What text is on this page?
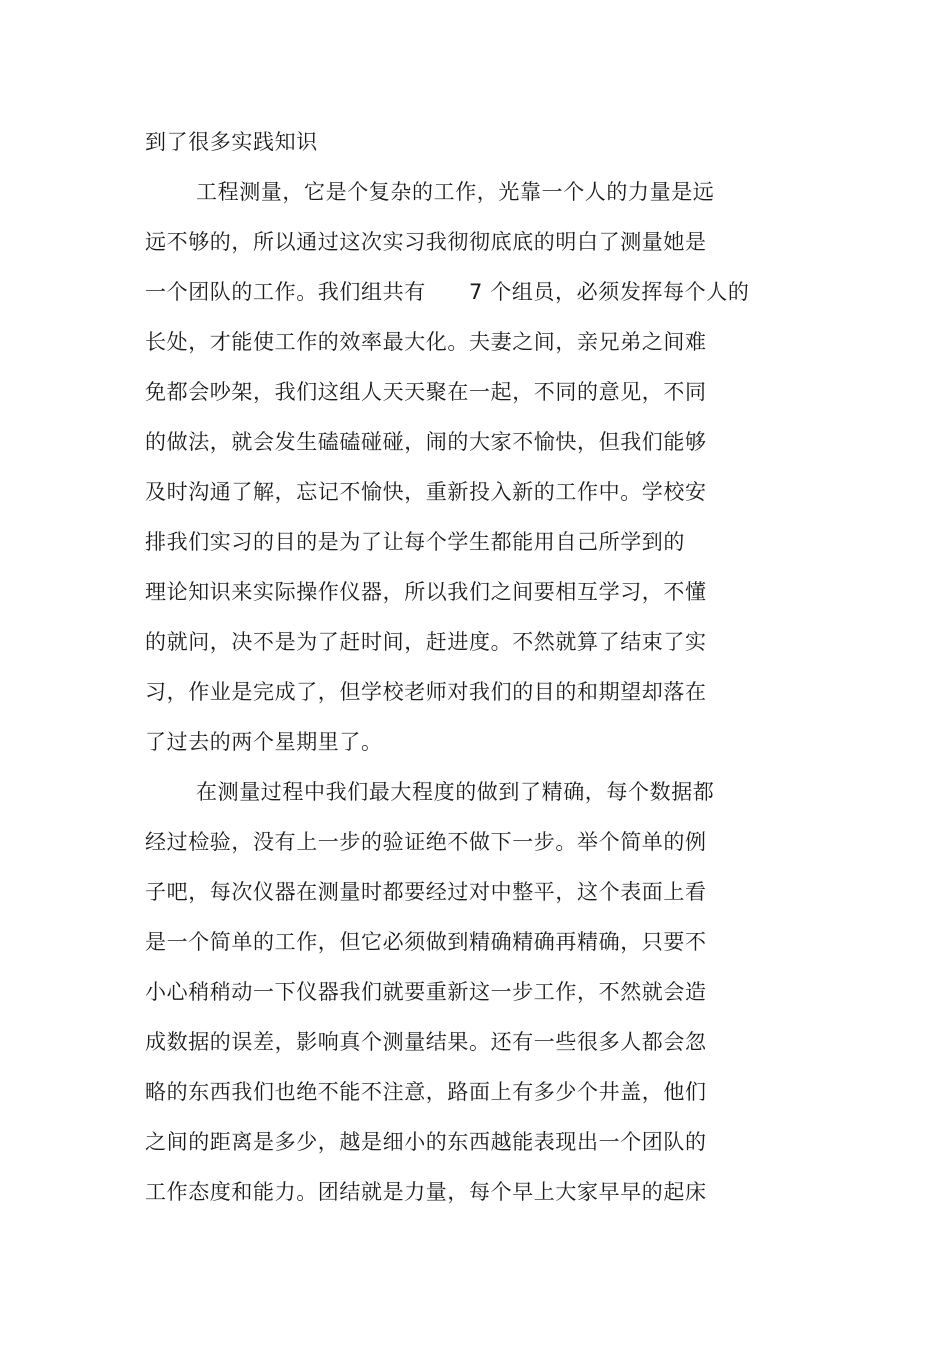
到了很多实践知识
工程测量，它是个复杂的工作，光靠一个人的力量是远
远不够的，所以通过这次实习我彻彻底底的明白了测量她是
一个团队的工作。我们组共有　　7 个组员，必须发挥每个人的
长处，才能使工作的效率最大化。夫妻之间，亲兄弟之间难
免都会吵架，我们这组人天天聚在一起，不同的意见，不同
的做法，就会发生磕磕碰碰，闹的大家不愉快，但我们能够
及时沟通了解，忘记不愉快，重新投入新的工作中。学校安
排我们实习的目的是为了让每个学生都能用自己所学到的
理论知识来实际操作仪器，所以我们之间要相互学习，不懂
的就问，决不是为了赶时间，赶进度。不然就算了结束了实
习，作业是完成了，但学校老师对我们的目的和期望却落在
了过去的两个星期里了。
在测量过程中我们最大程度的做到了精确，每个数据都
经过检验，没有上一步的验证绝不做下一步。举个简单的例
子吧，每次仪器在测量时都要经过对中整平，这个表面上看
是一个简单的工作，但它必须做到精确精确再精确，只要不
小心稍稍动一下仪器我们就要重新这一步工作，不然就会造
成数据的误差，影响真个测量结果。还有一些很多人都会忽
略的东西我们也绝不能不注意，路面上有多少个井盖，他们
之间的距离是多少，越是细小的东西越能表现出一个团队的
工作态度和能力。团结就是力量，每个早上大家早早的起床
